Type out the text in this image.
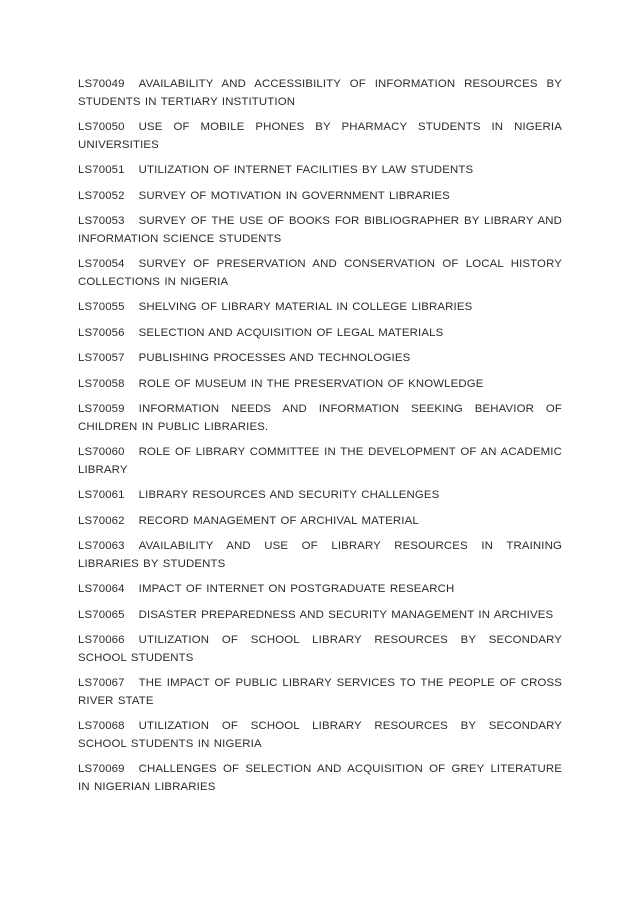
LS70049 AVAILABILITY AND ACCESSIBILITY OF INFORMATION RESOURCES BY STUDENTS IN TERTIARY INSTITUTION

LS70050 USE OF MOBILE PHONES BY PHARMACY STUDENTS IN NIGERIA UNIVERSITIES

LS70051 UTILIZATION OF INTERNET FACILITIES BY LAW STUDENTS

LS70052 SURVEY OF MOTIVATION IN GOVERNMENT LIBRARIES

LS70053 SURVEY OF THE USE OF BOOKS FOR BIBLIOGRAPHER BY LIBRARY AND INFORMATION SCIENCE STUDENTS

LS70054 SURVEY OF PRESERVATION AND CONSERVATION OF LOCAL HISTORY COLLECTIONS IN NIGERIA

LS70055 SHELVING OF LIBRARY MATERIAL IN COLLEGE LIBRARIES

LS70056 SELECTION AND ACQUISITION OF LEGAL MATERIALS

LS70057 PUBLISHING PROCESSES AND TECHNOLOGIES

LS70058 ROLE OF MUSEUM IN THE PRESERVATION OF KNOWLEDGE

LS70059 INFORMATION NEEDS AND INFORMATION SEEKING BEHAVIOR OF CHILDREN IN PUBLIC LIBRARIES.

LS70060 ROLE OF LIBRARY COMMITTEE IN THE DEVELOPMENT OF AN ACADEMIC LIBRARY

LS70061 LIBRARY RESOURCES AND SECURITY CHALLENGES

LS70062 RECORD MANAGEMENT OF ARCHIVAL MATERIAL

LS70063 AVAILABILITY AND USE OF LIBRARY RESOURCES IN TRAINING LIBRARIES BY STUDENTS

LS70064 IMPACT OF INTERNET ON POSTGRADUATE RESEARCH

LS70065 DISASTER PREPAREDNESS AND SECURITY MANAGEMENT IN ARCHIVES

LS70066 UTILIZATION OF SCHOOL LIBRARY RESOURCES BY SECONDARY SCHOOL STUDENTS

LS70067 THE IMPACT OF PUBLIC LIBRARY SERVICES TO THE PEOPLE OF CROSS RIVER STATE

LS70068 UTILIZATION OF SCHOOL LIBRARY RESOURCES BY SECONDARY SCHOOL STUDENTS IN NIGERIA

LS70069 CHALLENGES OF SELECTION AND ACQUISITION OF GREY LITERATURE IN NIGERIAN LIBRARIES
